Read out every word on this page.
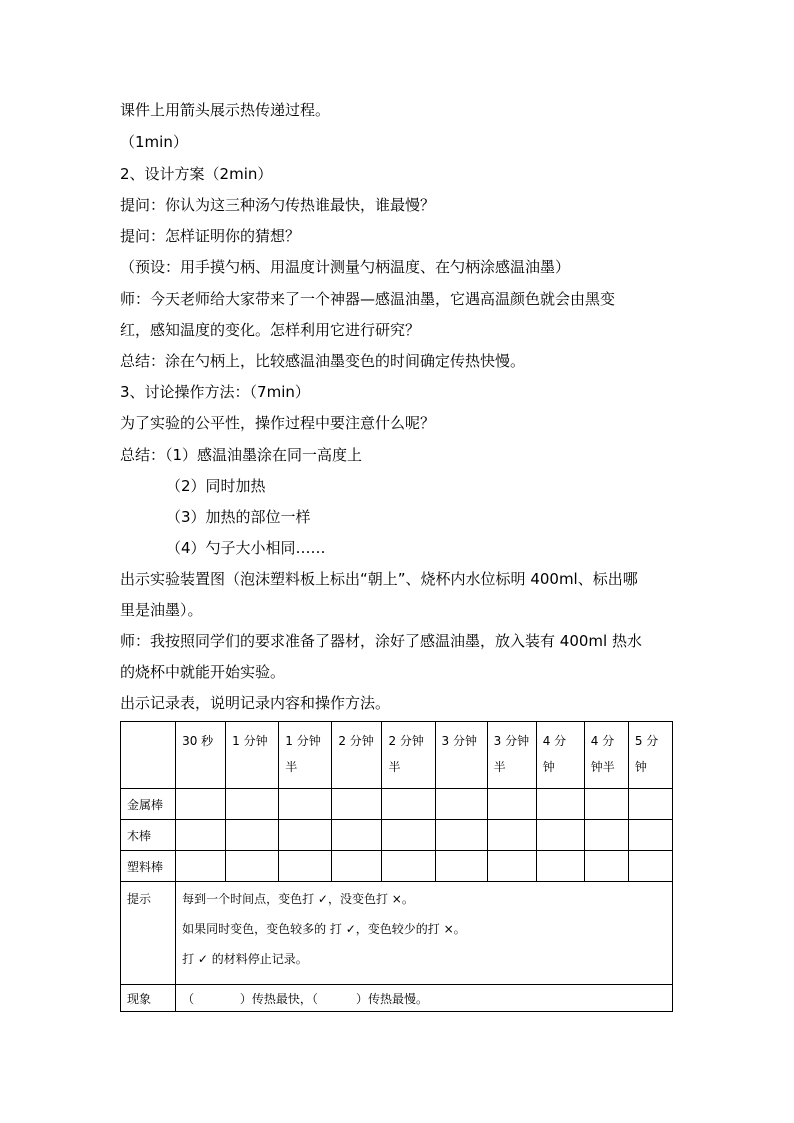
课件上用箭头展示热传递过程。
（1min）
2、设计方案（2min）
提问：你认为这三种汤勺传热谁最快，谁最慢？
提问：怎样证明你的猜想？
（预设：用手摸勺柄、用温度计测量勺柄温度、在勺柄涂感温油墨）
师：今天老师给大家带来了一个神器—感温油墨，它遇高温颜色就会由黑变
红，感知温度的变化。怎样利用它进行研究？
总结：涂在勺柄上，比较感温油墨变色的时间确定传热快慢。
3、讨论操作方法：（7min）
为了实验的公平性，操作过程中要注意什么呢？
总结：（1）感温油墨涂在同一高度上
（2）同时加热
（3）加热的部位一样
（4）勺子大小相同……
出示实验装置图（泡沫塑料板上标出“朝上”、烧杯内水位标明 400ml、标出哪
里是油墨）。
师：我按照同学们的要求准备了器材，涂好了感温油墨，放入装有 400ml 热水
的烧杯中就能开始实验。
出示记录表，说明记录内容和操作方法。
	30 秒	1 分钟	1 分钟半	2 分钟	2 分钟半	3 分钟	3 分钟半	4 分钟	4 分钟半	5 分钟
金属棒										
木棒										
塑料棒										
提示	每到一个时间点，变色打 ✓，没变色打 ×。
如果同时变色，变色较多的 打 ✓，变色较少的打 ×。
打 ✓ 的材料停止记录。									

现象	（            ）传热最快，（          ）传热最慢。									
